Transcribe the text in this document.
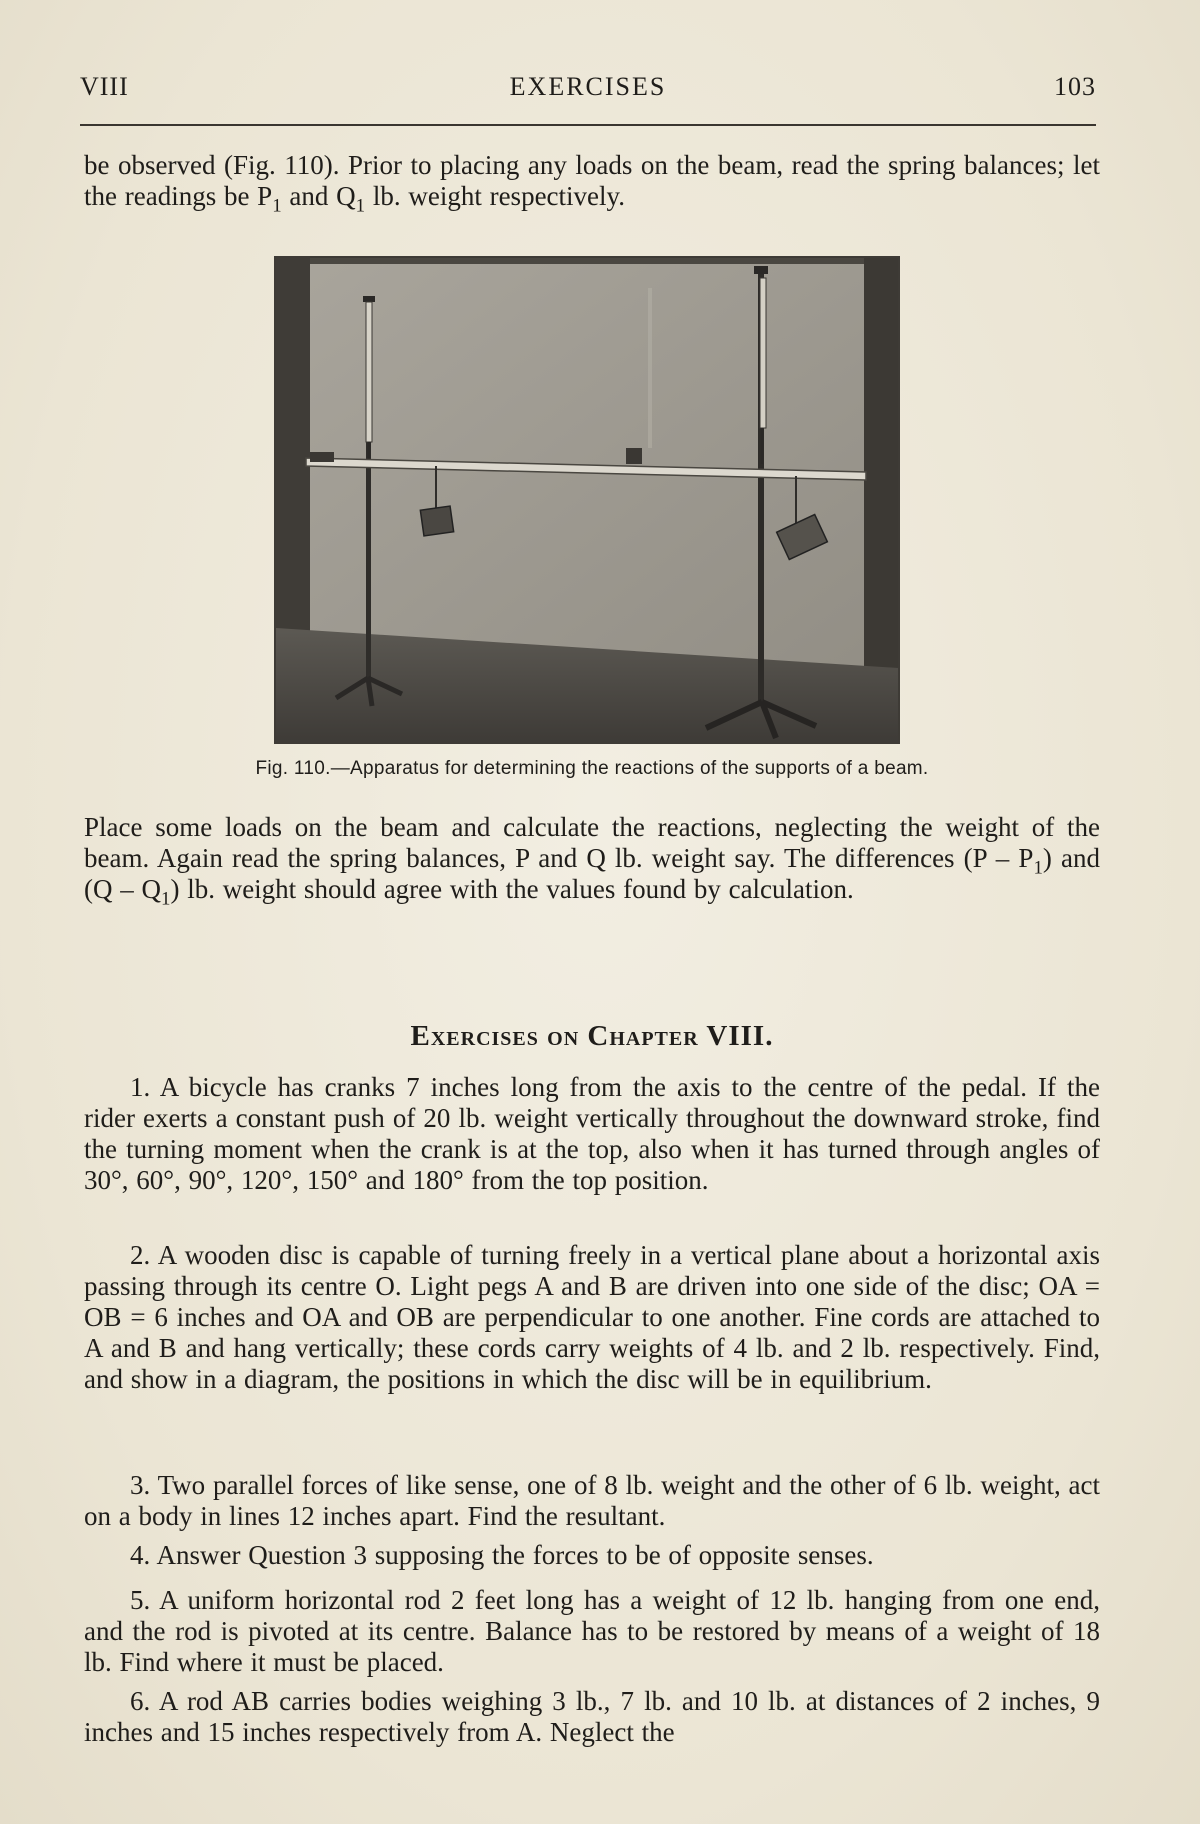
VIII	EXERCISES	103
be observed (Fig. 110). Prior to placing any loads on the beam, read the spring balances; let the readings be $P_1$ and $Q_1$ lb. weight respectively.
Fig. 110.—Apparatus for determining the reactions of the supports of a beam.
Place some loads on the beam and calculate the reactions, neglecting the weight of the beam. Again read the spring balances, P and Q lb. weight say. The differences $(P - P_1)$ and $(Q - Q_1)$ lb. weight should agree with the values found by calculation.
Exercises on Chapter VIII.
1. A bicycle has cranks 7 inches long from the axis to the centre of the pedal. If the rider exerts a constant push of 20 lb. weight vertically throughout the downward stroke, find the turning moment when the crank is at the top, also when it has turned through angles of 30°, 60°, 90°, 120°, 150° and 180° from the top position.
2. A wooden disc is capable of turning freely in a vertical plane about a horizontal axis passing through its centre O. Light pegs A and B are driven into one side of the disc; OA = OB = 6 inches and OA and OB are perpendicular to one another. Fine cords are attached to A and B and hang vertically; these cords carry weights of 4 lb. and 2 lb. respectively. Find, and show in a diagram, the positions in which the disc will be in equilibrium.
3. Two parallel forces of like sense, one of 8 lb. weight and the other of 6 lb. weight, act on a body in lines 12 inches apart. Find the resultant.
4. Answer Question 3 supposing the forces to be of opposite senses.
5. A uniform horizontal rod 2 feet long has a weight of 12 lb. hanging from one end, and the rod is pivoted at its centre. Balance has to be restored by means of a weight of 18 lb. Find where it must be placed.
6. A rod AB carries bodies weighing 3 lb., 7 lb. and 10 lb. at distances of 2 inches, 9 inches and 15 inches respectively from A. Neglect the
